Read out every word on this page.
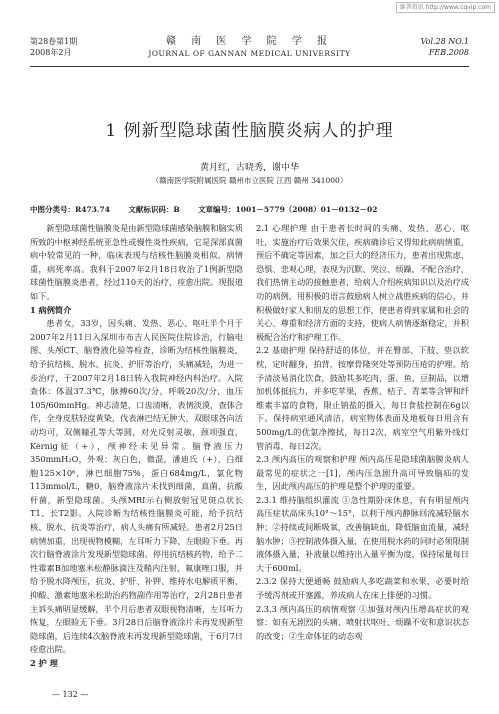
维普资讯 http://www.cqvip.com
第28卷第1期
2008年2月
赣 南 医 学 院 学 报
JOURNAL OF GANNAN MEDICAL UNIVERSITY
Vol.28 NO.1
FEB.2008
1 例新型隐球菌性脑膜炎病人的护理
黄月红，古晓秀，谢中华
（赣南医学院附属医院 赣州市立医院 江西 赣州 341000）
中图分类号：R473.74 文献标识码：B 文章编号：1001－5779（2008）01－0132－02

新型隐球菌性脑膜炎是由新型隐球菌感染脑膜和脑实质所致的中枢神经系统亚急性或慢性炎性疾病，它是深部真菌病中较常见的一种，临床表现与结核性脑膜炎相似，病情重，病死率高。我科于2007年2月18日收治了1例新型隐球菌性脑膜炎患者，经过110天的治疗，痊愈出院。现报道如下。

1 病例简介

患者女，33岁，因头痛、发热、恶心、呕吐半个月于2007年2月11日入深圳市布吉人民医院住院诊治，行脑电图、头颅CT、脑脊液化验等检查，诊断为结核性脑膜炎，给予抗结核、脱水、抗炎、护肝等治疗，头痛减轻，为进一步治疗，于2007年2月18日转入我院神经内科治疗。入院查体：体温37.3℃，脉搏60次/分，呼吸20次/分，血压105/60mmHg。神志清楚，口齿清晰，表情淡漠，查体合作，全身皮肤轻度黄染，伐表淋巴结无肿大，双眼球各向活动均可，双侧瞳孔等大等圆，对光反射灵敏，颈项强直，Kernig征（+），颅神经未见异常。脑脊液压力350mmH₂O，外观：灰白色，微混，潘迪氏（+），白细胞125×10⁶，淋巴细胞75%，蛋白684mg/L，氯化物113mmol/L，糖0，脑脊液涂片未找到细菌，真菌，抗酸杆菌，新型隐球菌。头颅MRI示右侧放射冠见斑点状长T1、长T2影。入院诊断为结核性脑膜炎可能，给予抗结核、脱水、抗炎等治疗，病人头痛有所减轻。患者2月25日病情加重，出现视物模糊，左耳听力下降，左眼睑下垂。再次行脑脊液涂片发现新型隐球菌。停用抗结核药物，给予二性霉素B加地塞米松静脉滴注及鞘内注射，氟康唑口服，并给予脱水降颅压，抗炎、护肝、补钾、维持水电解质平衡、抑酸、激素地塞米松助治药物副作用等治疗，2月28日患者主诉头痛明显缓解，半个月后患者双眼视物清晰，左耳听力恢复，左眼睑无下垂。3月28日后脑脊液涂片未再发现新型隐球菌，后连续4次脑脊液未再发现新型隐球菌，于6月7日痊愈出院。

2 护 理

2.1 心理护理 由于患者长时间的头痛、发热、恶心、呕吐，实施治疗后效果欠佳，疾病确诊后又得知此病病情重，预后不确定等因素，加之巨大的经济压力，患者出现焦虑、恐惧、悲观心理，表现为沉默、哭泣、烦躁，不配合治疗，我们热情主动的接触患者，给病人介绍疾病知识以及治疗成功的病例，用积极的语言鼓励病人树立战胜疾病的信心，并积极做好家人和朋友的思想工作，使患者得到家属和社会的关心、尊重和经济方面的支持，使病人病情逐渐稳定，并积极配合治疗和护理工作。

2.2 基础护理 保持舒适的体位，并在臀部、下肢、垫以软枕，定时翻身，拍背，按摩骨隆突处等预防压疮的护理。给予清淡易消化饮食，鼓励其多吃肉、蛋、鱼、豆制品，以增加机体抵抗力，并多吃苹果，香蕉、桔子、青菜等含钾和纤维素丰富的食物，限止钠盐的摄入，每日食盐控制在6g以下。保持病室通风清洁，病室物体表面及地板每日用含有500mg/L的优氯净擦拭，每日2次，病室空气用紫外线灯管消毒，每日2次。

2.3 颅内高压的观察和护理 颅内高压是隐球菌脑膜炎病人最常见的症状之一[1]，颅内压急剧升高可导致脑疝的发生，因此颅内高压的护理是整个护理的重要。

2.3.1 维持脑组织灌流 ①急性期卧床休息，有有明显颅内高压症状高床头10°～15°，以利于颅内静脉回流减轻脑水肿；②持续或间断吸氧，改善脑缺血，降低脑血流量，减轻脑水肿；③控制液体摄入量，在使用脱水药的同时必须限制液体摄入量，补液量以维持出入量平衡为度，保持尿量每日大于600ml。

2.3.2 保持大便通畅 鼓励病人多吃蔬菜和水果，必要时给予缓泻剂或开塞露，养成病人在床上排便的习惯。

2.3.3 颅内高压的病情观察 ①加强对颅内压增高症状的观察：如有无剧烈的头痛、喷射状呕吐、烦躁不安和意识状态的改变；②生命体征的动态观

— 132 —
